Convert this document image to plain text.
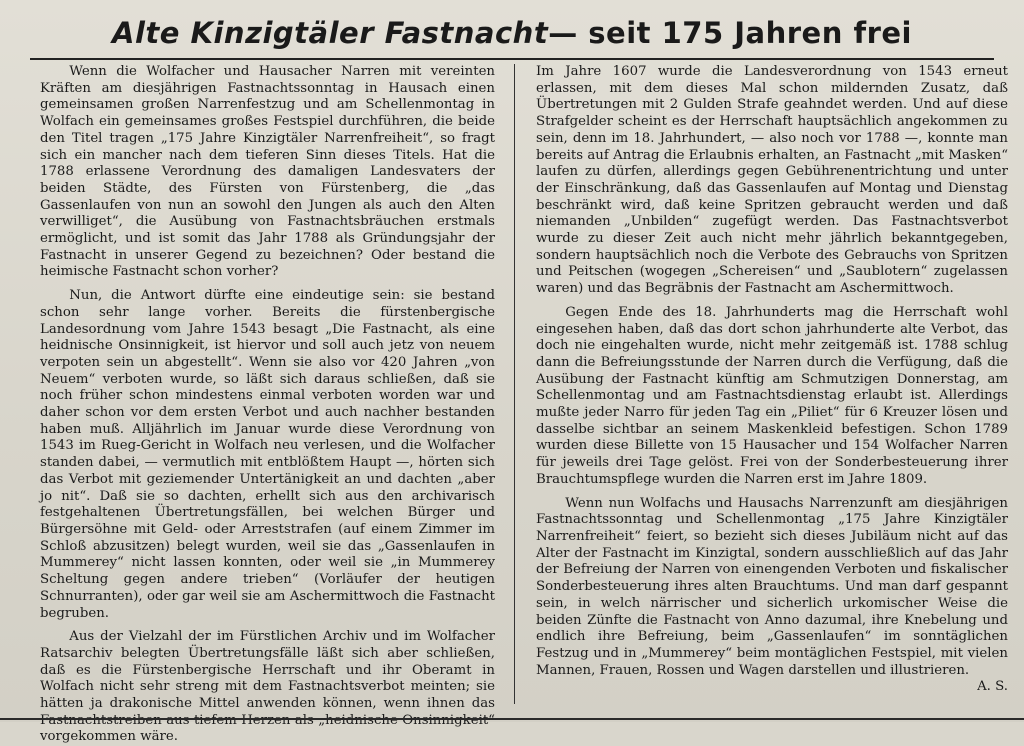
Alte Kinzigtäler Fastnacht— seit 175 Jahren frei

Wenn die Wolfacher und Hausacher Narren mit vereinten Kräften am diesjährigen Fastnachtssonntag in Hausach einen gemeinsamen großen Narrenfestzug und am Schellenmontag in Wolfach ein gemeinsames großes Festspiel durchführen, die beide den Titel tragen „175 Jahre Kinzigtäler Narrenfreiheit“, so fragt sich ein mancher nach dem tieferen Sinn dieses Titels. Hat die 1788 erlassene Verordnung des damaligen Landesvaters der beiden Städte, des Fürsten von Fürstenberg, die „das Gassenlaufen von nun an sowohl den Jungen als auch den Alten verwilliget“, die Ausübung von Fastnachtsbräuchen erstmals ermöglicht, und ist somit das Jahr 1788 als Gründungsjahr der Fastnacht in unserer Gegend zu bezeichnen? Oder bestand die heimische Fastnacht schon vorher?

Nun, die Antwort dürfte eine eindeutige sein: sie bestand schon sehr lange vorher. Bereits die fürstenbergische Landesordnung vom Jahre 1543 besagt „Die Fastnacht, als eine heidnische Onsinnigkeit, ist hiervor und soll auch jetz von neuem verpoten sein un abgestellt“. Wenn sie also vor 420 Jahren „von Neuem“ verboten wurde, so läßt sich daraus schließen, daß sie noch früher schon mindestens einmal verboten worden war und daher schon vor dem ersten Verbot und auch nachher bestanden haben muß. Alljährlich im Januar wurde diese Verordnung von 1543 im Rueg-Gericht in Wolfach neu verlesen, und die Wolfacher standen dabei, — vermutlich mit entblößtem Haupt —, hörten sich das Verbot mit geziemender Untertänigkeit an und dachten „aber jo nit“. Daß sie so dachten, erhellt sich aus den archivarisch festgehaltenen Übertretungsfällen, bei welchen Bürger und Bürgersöhne mit Geld- oder Arreststrafen (auf einem Zimmer im Schloß abzusitzen) belegt wurden, weil sie das „Gassenlaufen in Mummerey“ nicht lassen konnten, oder weil sie „in Mummerey Scheltung gegen andere trieben“ (Vorläufer der heutigen Schnurranten), oder gar weil sie am Aschermittwoch die Fastnacht begruben.

Aus der Vielzahl der im Fürstlichen Archiv und im Wolfacher Ratsarchiv belegten Übertretungsfälle läßt sich aber schließen, daß es die Fürstenbergische Herrschaft und ihr Oberamt in Wolfach nicht sehr streng mit dem Fastnachtsverbot meinten; sie hätten ja drakonische Mittel anwenden können, wenn ihnen das Fastnachtstreiben aus tiefem Herzen als „heidnische Onsinnigkeit“ vorgekommen wäre.

Im Jahre 1607 wurde die Landesverordnung von 1543 erneut erlassen, mit dem dieses Mal schon mildernden Zusatz, daß Übertretungen mit 2 Gulden Strafe geahndet werden. Und auf diese Strafgelder scheint es der Herrschaft hauptsächlich angekommen zu sein, denn im 18. Jahrhundert, — also noch vor 1788 —, konnte man bereits auf Antrag die Erlaubnis erhalten, an Fastnacht „mit Masken“ laufen zu dürfen, allerdings gegen Gebührenentrichtung und unter der Einschränkung, daß das Gassenlaufen auf Montag und Dienstag beschränkt wird, daß keine Spritzen gebraucht werden und daß niemanden „Unbilden“ zugefügt werden. Das Fastnachtsverbot wurde zu dieser Zeit auch nicht mehr jährlich bekanntgegeben, sondern hauptsächlich noch die Verbote des Gebrauchs von Spritzen und Peitschen (wogegen „Schereisen“ und „Saublotern“ zugelassen waren) und das Begräbnis der Fastnacht am Aschermittwoch.

Gegen Ende des 18. Jahrhunderts mag die Herrschaft wohl eingesehen haben, daß das dort schon jahrhunderte alte Verbot, das doch nie eingehalten wurde, nicht mehr zeitgemäß ist. 1788 schlug dann die Befreiungsstunde der Narren durch die Verfügung, daß die Ausübung der Fastnacht künftig am Schmutzigen Donnerstag, am Schellenmontag und am Fastnachtsdienstag erlaubt ist. Allerdings mußte jeder Narro für jeden Tag ein „Piliet“ für 6 Kreuzer lösen und dasselbe sichtbar an seinem Maskenkleid befestigen. Schon 1789 wurden diese Billette von 15 Hausacher und 154 Wolfacher Narren für jeweils drei Tage gelöst. Frei von der Sonderbesteuerung ihrer Brauchtumspflege wurden die Narren erst im Jahre 1809.

Wenn nun Wolfachs und Hausachs Narrenzunft am diesjährigen Fastnachtssonntag und Schellenmontag „175 Jahre Kinzigtäler Narrenfreiheit“ feiert, so bezieht sich dieses Jubiläum nicht auf das Alter der Fastnacht im Kinzigtal, sondern ausschließlich auf das Jahr der Befreiung der Narren von einengenden Verboten und fiskalischer Sonderbesteuerung ihres alten Brauchtums. Und man darf gespannt sein, in welch närrischer und sicherlich urkomischer Weise die beiden Zünfte die Fastnacht von Anno dazumal, ihre Knebelung und endlich ihre Befreiung, beim „Gassenlaufen“ im sonntäglichen Festzug und in „Mummerey“ beim montäglichen Festspiel, mit vielen Mannen, Frauen, Rossen und Wagen darstellen und illustrieren.
A. S.
